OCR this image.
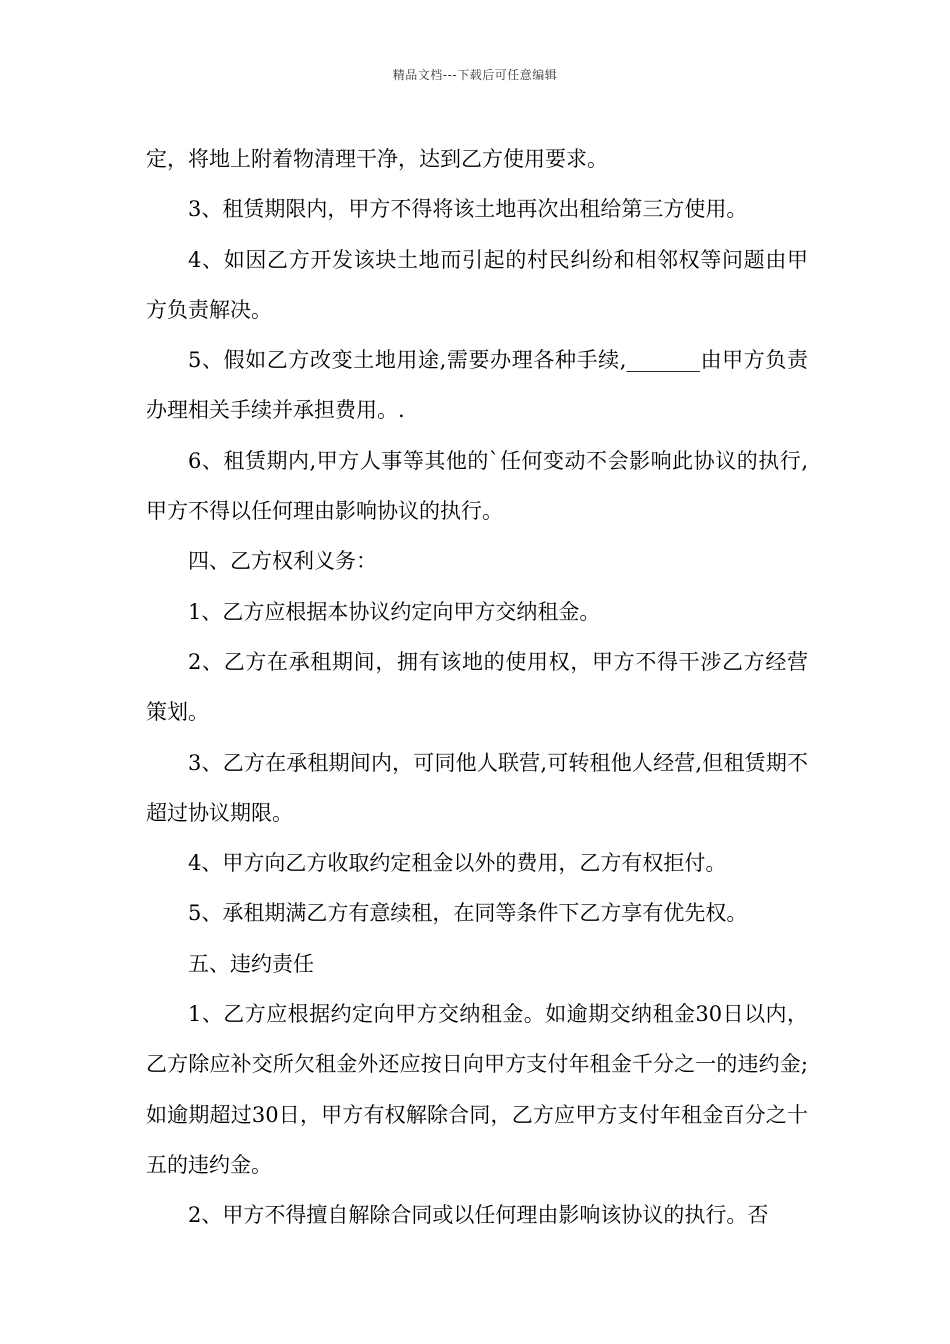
精品文档---下载后可任意编辑

定，将地上附着物清理干净，达到乙方使用要求。

3、租赁期限内，甲方不得将该土地再次出租给第三方使用。

4、如因乙方开发该块土地而引起的村民纠纷和相邻权等问题由甲方负责解决。

5、假如乙方改变土地用途,需要办理各种手续,_______由甲方负责办理相关手续并承担费用。.

6、租赁期内,甲方人事等其他的`任何变动不会影响此协议的执行,甲方不得以任何理由影响协议的执行。

四、乙方权利义务：

1、乙方应根据本协议约定向甲方交纳租金。

2、乙方在承租期间，拥有该地的使用权，甲方不得干涉乙方经营策划。

3、乙方在承租期间内，可同他人联营,可转租他人经营,但租赁期不超过协议期限。

4、甲方向乙方收取约定租金以外的费用，乙方有权拒付。

5、承租期满乙方有意续租，在同等条件下乙方享有优先权。

五、违约责任

1、乙方应根据约定向甲方交纳租金。如逾期交纳租金30日以内，乙方除应补交所欠租金外还应按日向甲方支付年租金千分之一的违约金;如逾期超过30日，甲方有权解除合同，乙方应甲方支付年租金百分之十五的违约金。

2、甲方不得擅自解除合同或以任何理由影响该协议的执行。否
